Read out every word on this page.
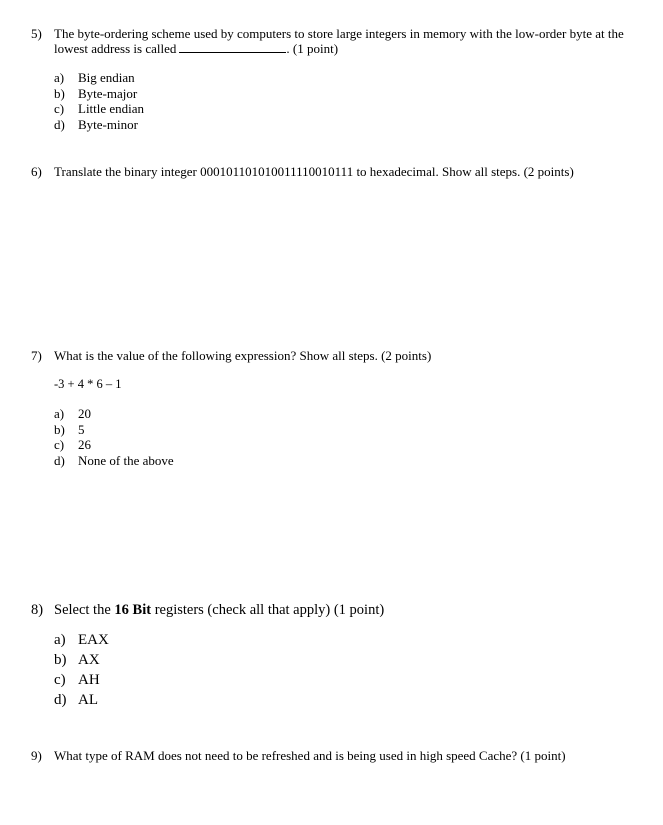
5) The byte-ordering scheme used by computers to store large integers in memory with the low-order byte at the lowest address is called	. (1 point)
a) Big endian
b) Byte-major
c) Little endian
d) Byte-minor
6) Translate the binary integer 000101101010011110010111 to hexadecimal. Show all steps. (2 points)
7) What is the value of the following expression? Show all steps. (2 points)
-3 + 4 * 6 – 1
a) 20
b) 5
c) 26
d) None of the above
8) Select the 16 Bit registers (check all that apply) (1 point)
a) EAX
b) AX
c) AH
d) AL
9) What type of RAM does not need to be refreshed and is being used in high speed Cache? (1 point)
